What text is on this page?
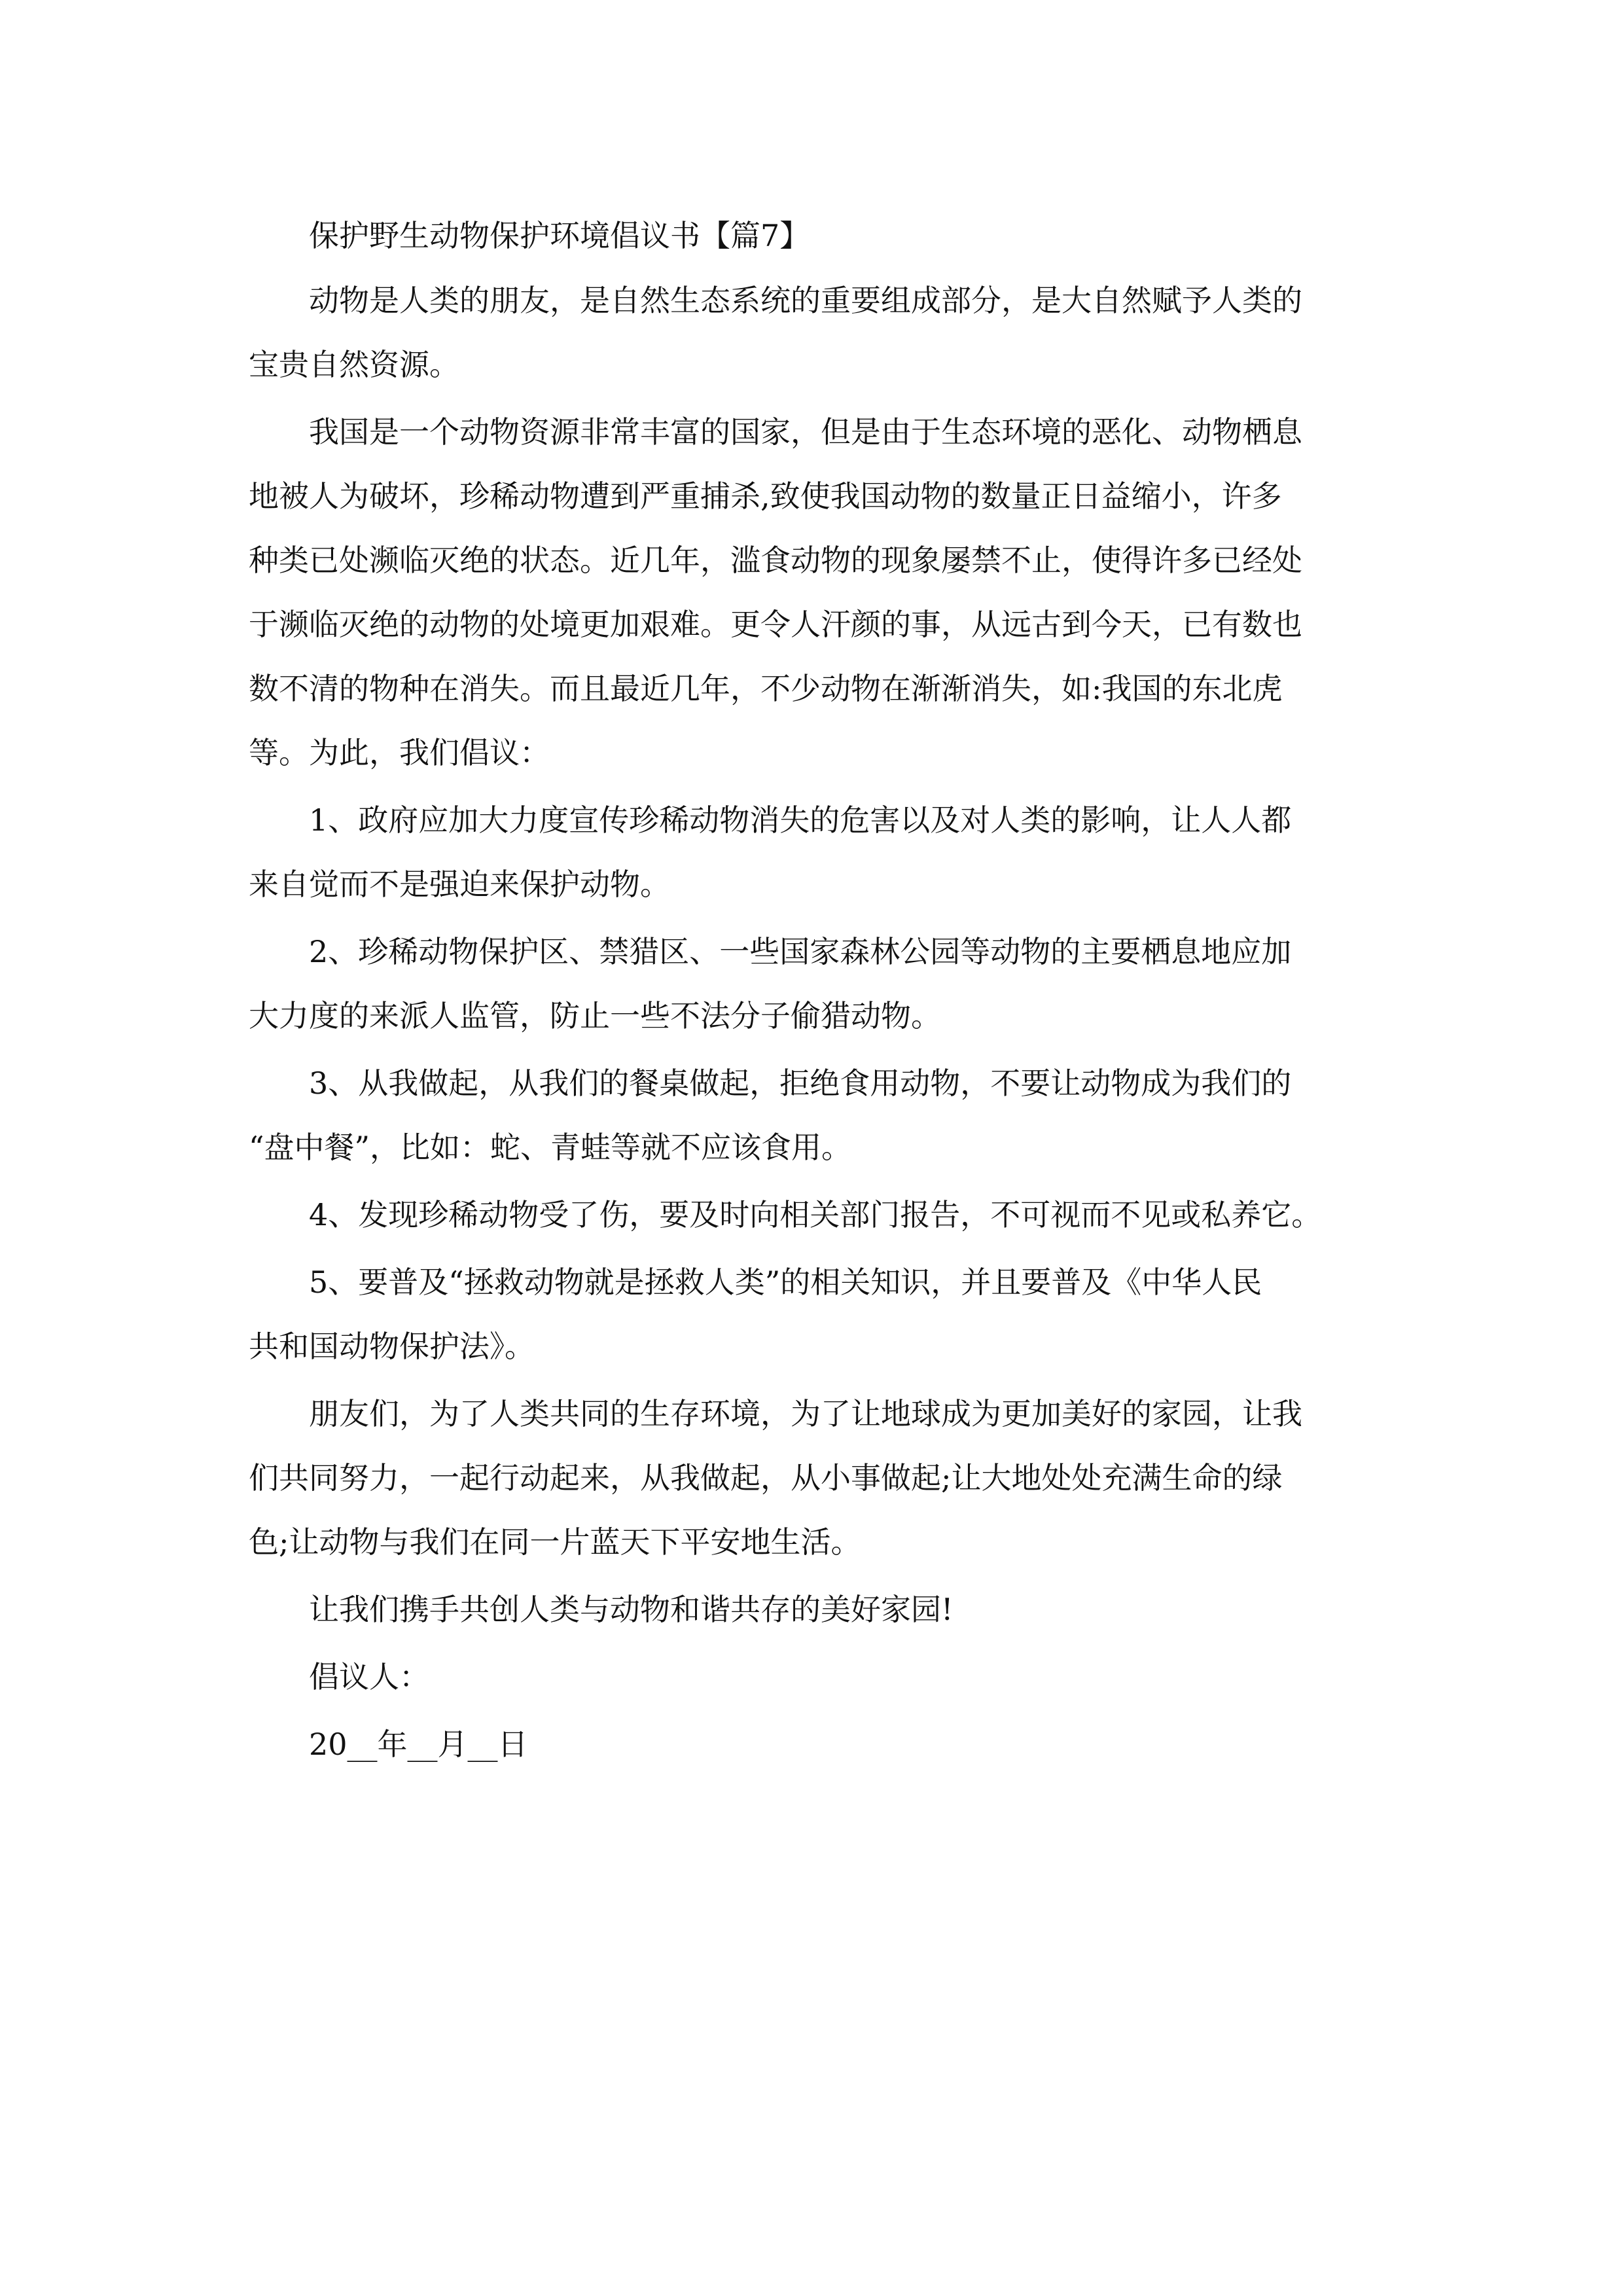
保护野生动物保护环境倡议书【篇7】
动物是人类的朋友，是自然生态系统的重要组成部分，是大自然赋予人类的
宝贵自然资源。
我国是一个动物资源非常丰富的国家，但是由于生态环境的恶化、动物栖息
地被人为破坏，珍稀动物遭到严重捕杀,致使我国动物的数量正日益缩小，许多
种类已处濒临灭绝的状态。近几年，滥食动物的现象屡禁不止，使得许多已经处
于濒临灭绝的动物的处境更加艰难。更令人汗颜的事，从远古到今天，已有数也
数不清的物种在消失。而且最近几年，不少动物在渐渐消失，如:我国的东北虎
等。为此，我们倡议：
1、政府应加大力度宣传珍稀动物消失的危害以及对人类的影响，让人人都
来自觉而不是强迫来保护动物。
2、珍稀动物保护区、禁猎区、一些国家森林公园等动物的主要栖息地应加
大力度的来派人监管，防止一些不法分子偷猎动物。
3、从我做起，从我们的餐桌做起，拒绝食用动物，不要让动物成为我们的
“盘中餐”，比如：蛇、青蛙等就不应该食用。
4、发现珍稀动物受了伤，要及时向相关部门报告，不可视而不见或私养它。
5、要普及“拯救动物就是拯救人类”的相关知识，并且要普及《中华人民
共和国动物保护法》。
朋友们，为了人类共同的生存环境，为了让地球成为更加美好的家园，让我
们共同努力，一起行动起来，从我做起，从小事做起;让大地处处充满生命的绿
色;让动物与我们在同一片蓝天下平安地生活。
让我们携手共创人类与动物和谐共存的美好家园!
倡议人：
20__年__月__日
